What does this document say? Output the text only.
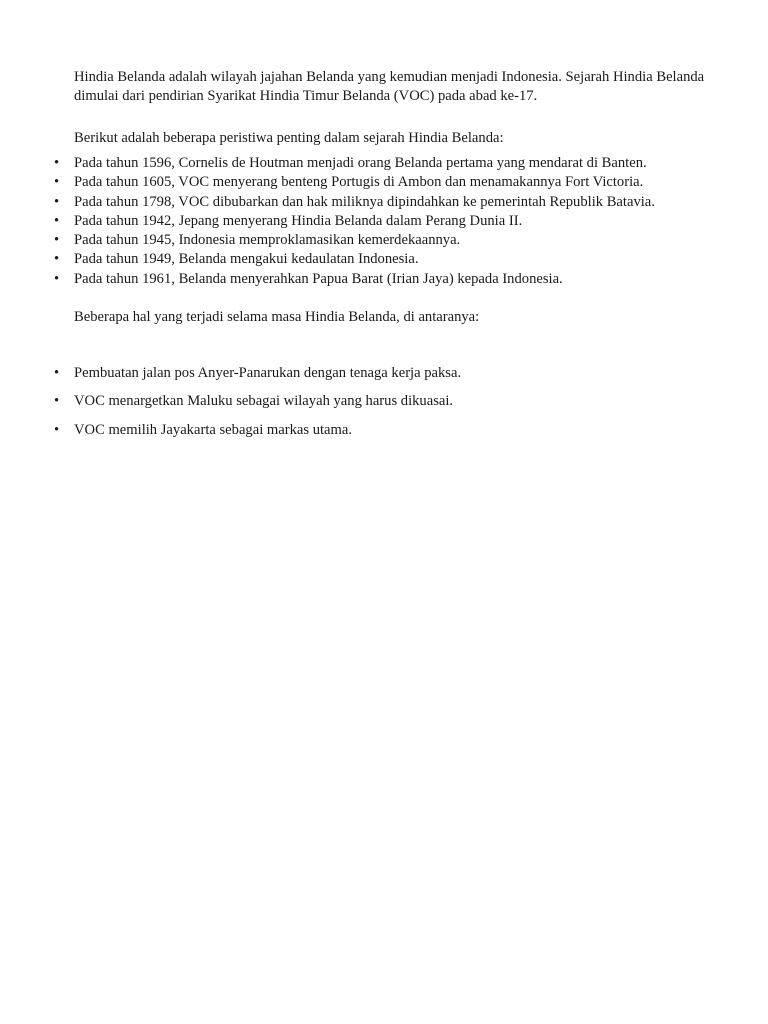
Hindia Belanda adalah wilayah jajahan Belanda yang kemudian menjadi Indonesia. Sejarah Hindia Belanda dimulai dari pendirian Syarikat Hindia Timur Belanda (VOC) pada abad ke-17.

Berikut adalah beberapa peristiwa penting dalam sejarah Hindia Belanda:

• Pada tahun 1596, Cornelis de Houtman menjadi orang Belanda pertama yang mendarat di Banten.
• Pada tahun 1605, VOC menyerang benteng Portugis di Ambon dan menamakannya Fort Victoria.
• Pada tahun 1798, VOC dibubarkan dan hak miliknya dipindahkan ke pemerintah Republik Batavia.
• Pada tahun 1942, Jepang menyerang Hindia Belanda dalam Perang Dunia II.
• Pada tahun 1945, Indonesia memproklamasikan kemerdekaannya.
• Pada tahun 1949, Belanda mengakui kedaulatan Indonesia.
• Pada tahun 1961, Belanda menyerahkan Papua Barat (Irian Jaya) kepada Indonesia.

Beberapa hal yang terjadi selama masa Hindia Belanda, di antaranya:

• Pembuatan jalan pos Anyer-Panarukan dengan tenaga kerja paksa.
• VOC menargetkan Maluku sebagai wilayah yang harus dikuasai.
• VOC memilih Jayakarta sebagai markas utama.
